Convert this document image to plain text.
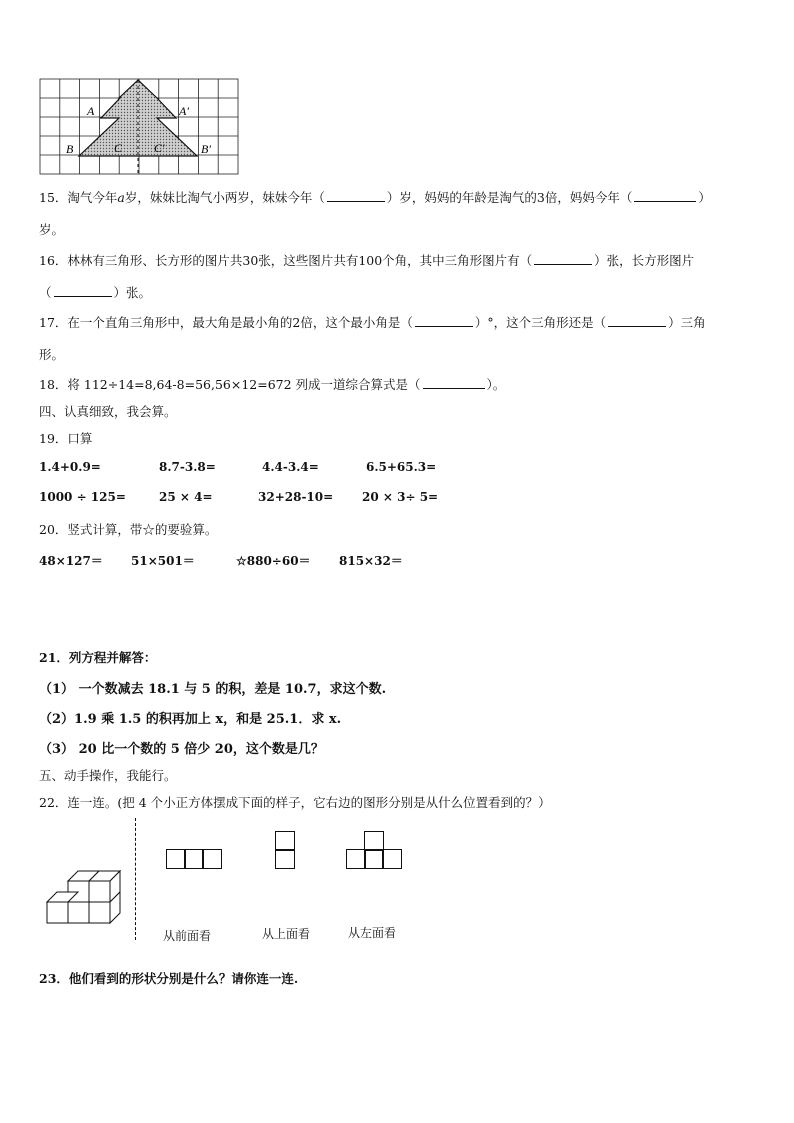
A	A′
B	C	C′	B′
15．淘气今年a岁，妹妹比淘气小两岁，妹妹今年（	）岁，妈妈的年龄是淘气的3倍，妈妈今年（	）
岁。
16．林林有三角形、长方形的图片共30张，这些图片共有100个角，其中三角形图片有（	）张，长方形图片
（	）张。
17．在一个直角三角形中，最大角是最小角的2倍，这个最小角是（	）°，这个三角形还是（	）三角
形。
18．将 112÷14=8,64-8=56,56×12=672 列成一道综合算式是（	）。
四、认真细致，我会算。
19．口算
1.4+0.9=	8.7-3.8=	4.4-3.4=	6.5+65.3=
1000 ÷ 125=	25 × 4=	32+28-10= 20 × 3÷ 5=
20．竖式计算，带☆的要验算。
48×127＝ 51×501＝	☆880÷60＝ 815×32＝
21．列方程并解答：
（1） 一个数减去 18.1 与 5 的积，差是 10.7，求这个数.
（2）1.9 乘 1.5 的积再加上 x，和是 25.1．求 x.
（3） 20 比一个数的 5 倍少 20，这个数是几？
五、动手操作，我能行。
22．连一连。(把 4 个小正方体摆成下面的样子，它右边的图形分别是从什么位置看到的？）
从前面看	从上面看	从左面看
23．他们看到的形状分别是什么？请你连一连.
